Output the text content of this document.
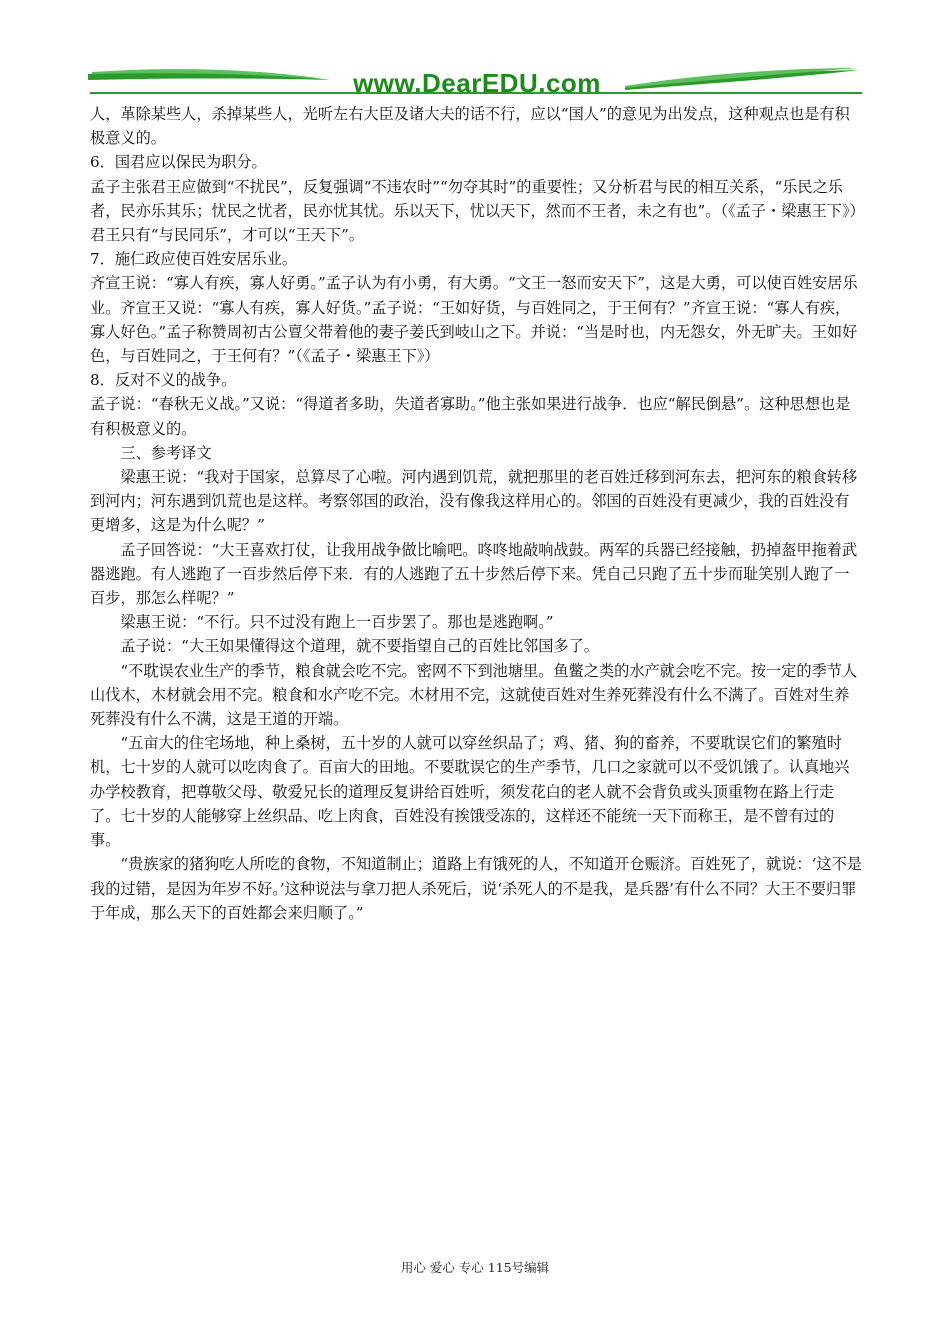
www.DearEDU.com

人，革除某些人，杀掉某些人，光听左右大臣及诸大夫的话不行，应以“国人”的意见为出发点，这种观点也是有积极意义的。

6．国君应以保民为职分。

孟子主张君王应做到“不扰民”，反复强调“不违农时”“勿夺其时”的重要性；又分析君与民的相互关系，“乐民之乐者，民亦乐其乐；忧民之忧者，民亦忧其忧。乐以天下，忧以天下，然而不王者，未之有也”。（《孟子・梁惠王下》）君王只有“与民同乐”，才可以“王天下”。

7．施仁政应使百姓安居乐业。

齐宣王说：“寡人有疾，寡人好勇。”孟子认为有小勇，有大勇。“文王一怒而安天下”，这是大勇，可以使百姓安居乐业。齐宣王又说：“寡人有疾，寡人好货。”孟子说：“王如好货，与百姓同之，于王何有？”齐宣王说：“寡人有疾，寡人好色。”孟子称赞周初古公亶父带着他的妻子姜氏到岐山之下。并说：“当是时也，内无怨女，外无旷夫。王如好色，与百姓同之，于王何有？”（《孟子・梁惠王下》）

8．反对不义的战争。

孟子说：“春秋无义战。”又说：“得道者多助，失道者寡助。”他主张如果进行战争．也应“解民倒悬”。这种思想也是有积极意义的。

三、参考译文

梁惠王说：“我对于国家，总算尽了心啦。河内遇到饥荒，就把那里的老百姓迁移到河东去，把河东的粮食转移到河内；河东遇到饥荒也是这样。考察邻国的政治，没有像我这样用心的。邻国的百姓没有更减少，我的百姓没有更增多，这是为什么呢？”

孟子回答说：“大王喜欢打仗，让我用战争做比喻吧。咚咚地敲响战鼓。两军的兵器已经接触，扔掉盔甲拖着武器逃跑。有人逃跑了一百步然后停下来．有的人逃跑了五十步然后停下来。凭自己只跑了五十步而耻笑别人跑了一百步，那怎么样呢？”

梁惠王说：“不行。只不过没有跑上一百步罢了。那也是逃跑啊。”

孟子说：“大王如果懂得这个道理，就不要指望自己的百姓比邻国多了。

“不耽误农业生产的季节，粮食就会吃不完。密网不下到池塘里。鱼鳖之类的水产就会吃不完。按一定的季节人山伐木，木材就会用不完。粮食和水产吃不完。木材用不完，这就使百姓对生养死葬没有什么不满了。百姓对生养死葬没有什么不满，这是王道的开端。

“五亩大的住宅场地，种上桑树，五十岁的人就可以穿丝织品了；鸡、猪、狗的畜养，不要耽误它们的繁殖时机，七十岁的人就可以吃肉食了。百亩大的田地。不要耽误它的生产季节，几口之家就可以不受饥饿了。认真地兴办学校教育，把尊敬父母、敬爱兄长的道理反复讲给百姓听，须发花白的老人就不会背负或头顶重物在路上行走了。七十岁的人能够穿上丝织品、吃上肉食，百姓没有挨饿受冻的，这样还不能统一天下而称王，是不曾有过的事。

“贵族家的猪狗吃人所吃的食物，不知道制止；道路上有饿死的人，不知道开仓赈济。百姓死了，就说：‘这不是我的过错，是因为年岁不好。’这种说法与拿刀把人杀死后，说‘杀死人的不是我，是兵器’有什么不同？大王不要归罪于年成，那么天下的百姓都会来归顺了。”

用心 爱心 专心 115号编辑
